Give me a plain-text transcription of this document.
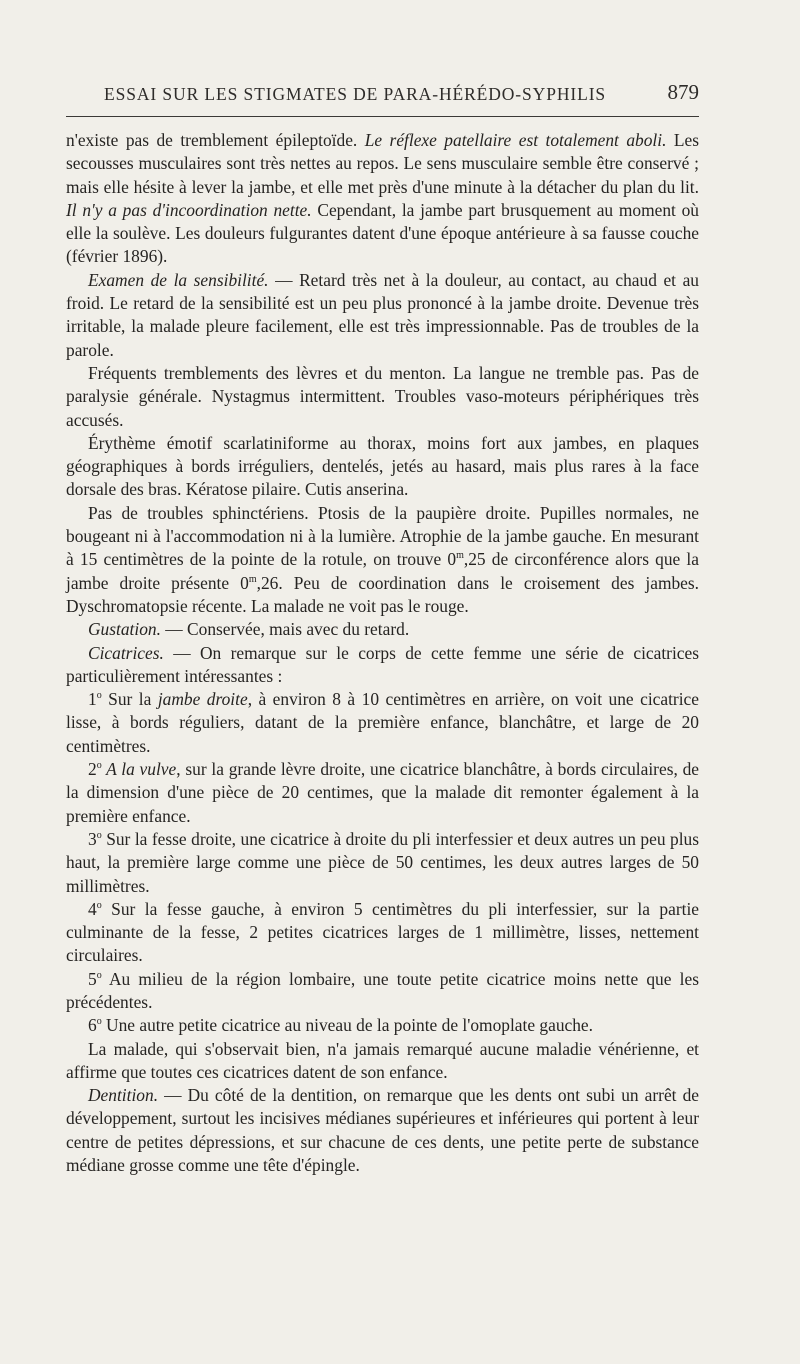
ESSAI SUR LES STIGMATES DE PARA-HÉRÉDO-SYPHILIS	879

n'existe pas de tremblement épileptoïde. Le réflexe patellaire est totalement aboli. Les secousses musculaires sont très nettes au repos. Le sens musculaire semble être conservé ; mais elle hésite à lever la jambe, et elle met près d'une minute à la détacher du plan du lit. Il n'y a pas d'incoordination nette. Cependant, la jambe part brusquement au moment où elle la soulève. Les douleurs fulgurantes datent d'une époque antérieure à sa fausse couche (février 1896).

Examen de la sensibilité. — Retard très net à la douleur, au contact, au chaud et au froid. Le retard de la sensibilité est un peu plus prononcé à la jambe droite. Devenue très irritable, la malade pleure facilement, elle est très impressionnable. Pas de troubles de la parole.

Fréquents tremblements des lèvres et du menton. La langue ne tremble pas. Pas de paralysie générale. Nystagmus intermittent. Troubles vaso-moteurs périphériques très accusés.

Érythème émotif scarlatiniforme au thorax, moins fort aux jambes, en plaques géographiques à bords irréguliers, dentelés, jetés au hasard, mais plus rares à la face dorsale des bras. Kératose pilaire. Cutis anserina.

Pas de troubles sphinctériens. Ptosis de la paupière droite. Pupilles normales, ne bougeant ni à l'accommodation ni à la lumière. Atrophie de la jambe gauche. En mesurant à 15 centimètres de la pointe de la rotule, on trouve 0$^m$,25 de circonférence alors que la jambe droite présente 0$^m$,26. Peu de coordination dans le croisement des jambes. Dyschromatopsie récente. La malade ne voit pas le rouge.

Gustation. — Conservée, mais avec du retard.

Cicatrices. — On remarque sur le corps de cette femme une série de cicatrices particulièrement intéressantes :

1$^o$ Sur la jambe droite, à environ 8 à 10 centimètres en arrière, on voit une cicatrice lisse, à bords réguliers, datant de la première enfance, blanchâtre, et large de 20 centimètres.

2$^o$ A la vulve, sur la grande lèvre droite, une cicatrice blanchâtre, à bords circulaires, de la dimension d'une pièce de 20 centimes, que la malade dit remonter également à la première enfance.

3$^o$ Sur la fesse droite, une cicatrice à droite du pli interfessier et deux autres un peu plus haut, la première large comme une pièce de 50 centimes, les deux autres larges de 50 millimètres.

4$^o$ Sur la fesse gauche, à environ 5 centimètres du pli interfessier, sur la partie culminante de la fesse, 2 petites cicatrices larges de 1 millimètre, lisses, nettement circulaires.

5$^o$ Au milieu de la région lombaire, une toute petite cicatrice moins nette que les précédentes.

6$^o$ Une autre petite cicatrice au niveau de la pointe de l'omoplate gauche.

La malade, qui s'observait bien, n'a jamais remarqué aucune maladie vénérienne, et affirme que toutes ces cicatrices datent de son enfance.

Dentition. — Du côté de la dentition, on remarque que les dents ont subi un arrêt de développement, surtout les incisives médianes supérieures et inférieures qui portent à leur centre de petites dépressions, et sur chacune de ces dents, une petite perte de substance médiane grosse comme une tête d'épingle.
